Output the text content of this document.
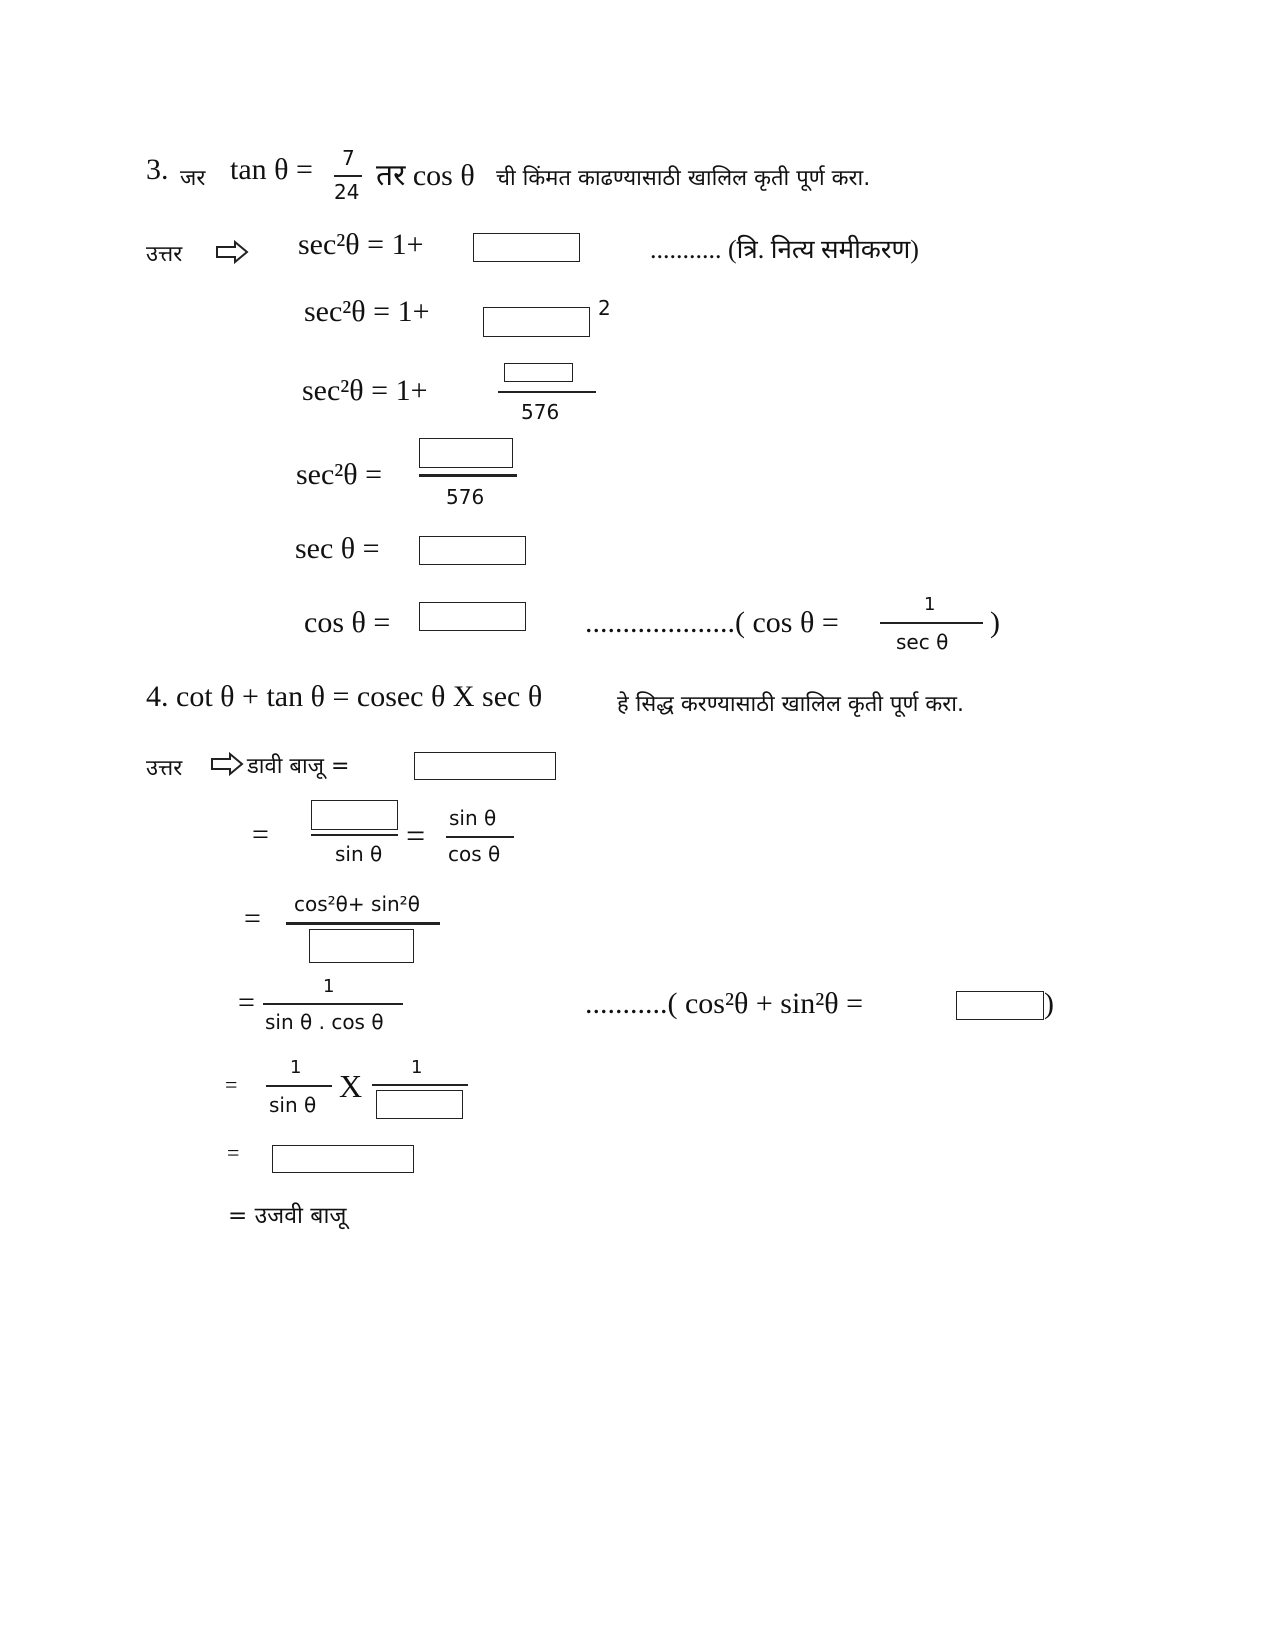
3. जर tan θ = 7
24 तर cos θ ची किंमत काढण्यासाठी खालिल कृती पूर्ण करा.
उत्तर	sec²θ = 1+	........... (त्रि. नित्य समीकरण)
sec²θ = 1+	2
sec²θ = 1+
576
sec²θ =
576
sec θ =
cos θ =	....................( cos θ =
1
sec θ
)
4. cot θ + tan θ = cosec θ X sec θ	हे सिद्ध करण्यासाठी खालिल कृती पूर्ण करा.
उत्तर	डावी बाजू =
=
sin θ = sin θ
cos θ
= cos²θ+ sin²θ
=	1
sin θ . cos θ
...........( cos²θ + sin²θ =	)
=
1
sin θ
X
1
=
= उजवी बाजू
